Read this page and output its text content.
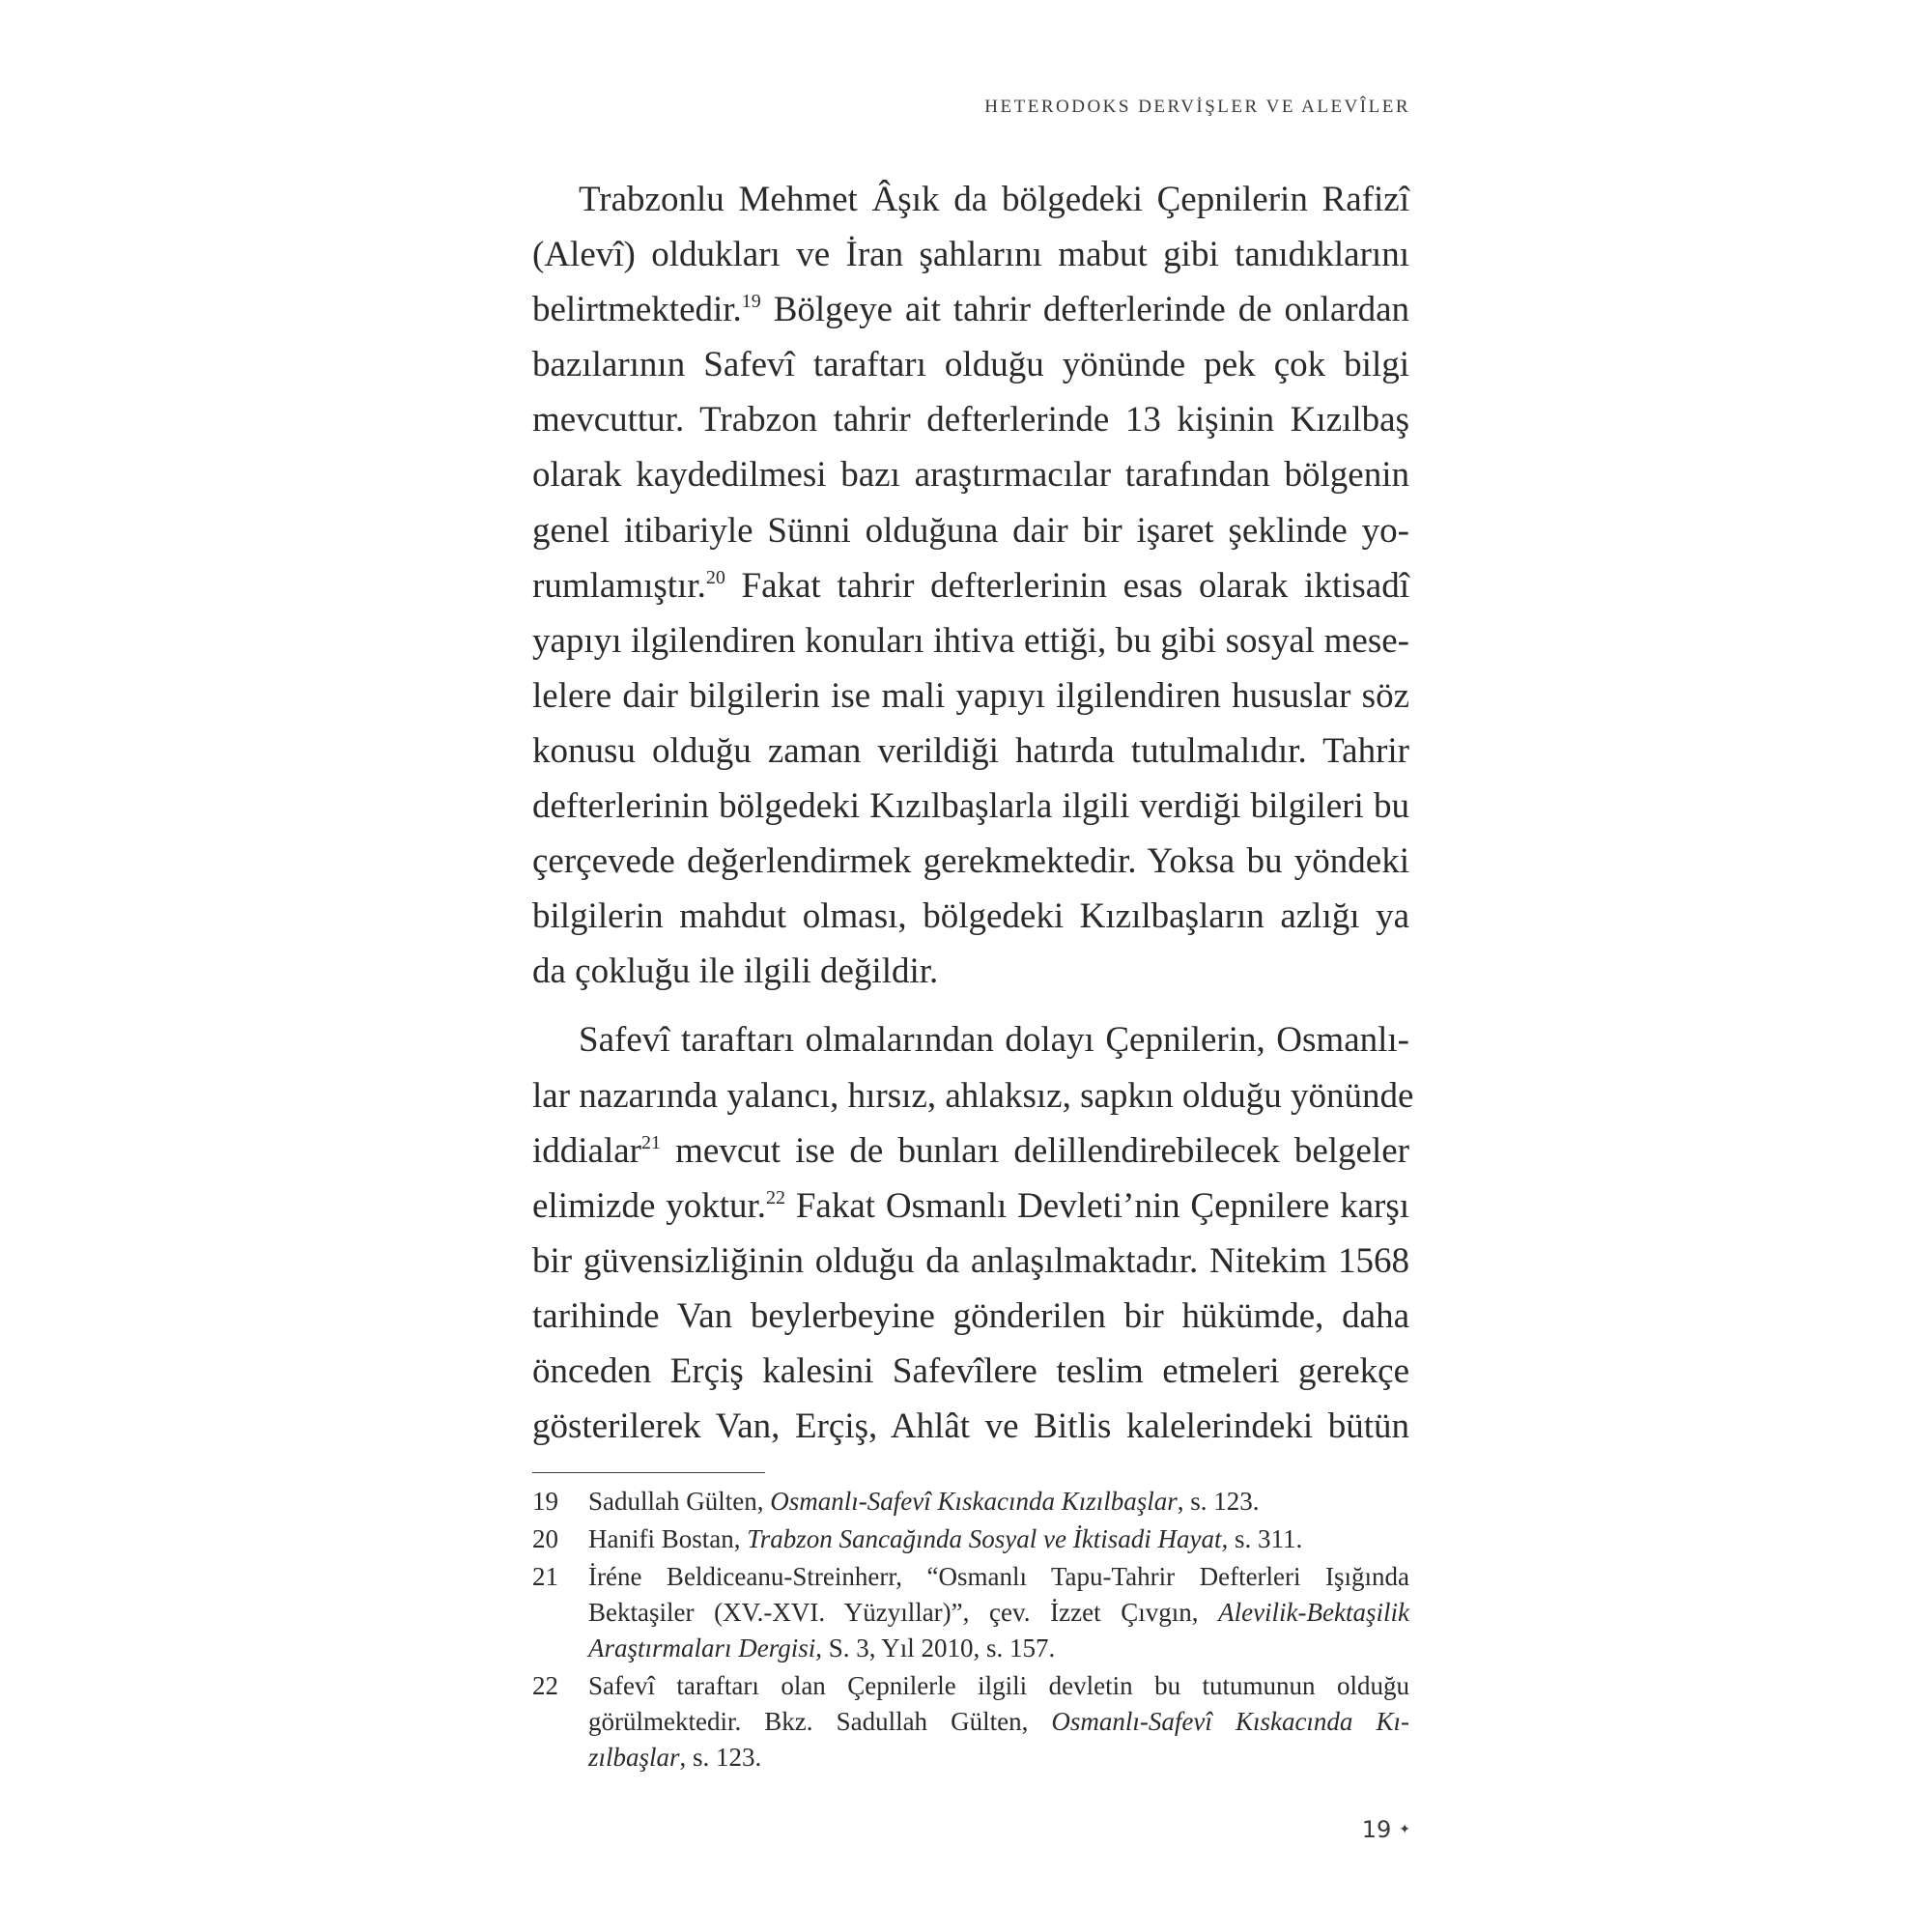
HETERODOKS DERVİŞLER VE ALEVÎLER

Trabzonlu Mehmet Âşık da bölgedeki Çepnilerin Rafizî
(Alevî) oldukları ve İran şahlarını mabut gibi tanıdıklarını
belirtmektedir.$^{19}$ Bölgeye ait tahrir defterlerinde de onlardan
bazılarının Safevî taraftarı olduğu yönünde pek çok bilgi
mevcuttur. Trabzon tahrir defterlerinde 13 kişinin Kızılbaş
olarak kaydedilmesi bazı araştırmacılar tarafından bölgenin
genel itibariyle Sünni olduğuna dair bir işaret şeklinde yo-
rumlamıştır.$^{20}$ Fakat tahrir defterlerinin esas olarak iktisadî
yapıyı ilgilendiren konuları ihtiva ettiği, bu gibi sosyal mese-
lelere dair bilgilerin ise mali yapıyı ilgilendiren hususlar söz
konusu olduğu zaman verildiği hatırda tutulmalıdır. Tahrir
defterlerinin bölgedeki Kızılbaşlarla ilgili verdiği bilgileri bu
çerçevede değerlendirmek gerekmektedir. Yoksa bu yöndeki
bilgilerin mahdut olması, bölgedeki Kızılbaşların azlığı ya
da çokluğu ile ilgili değildir.

Safevî taraftarı olmalarından dolayı Çepnilerin, Osmanlı-
lar nazarında yalancı, hırsız, ahlaksız, sapkın olduğu yönünde
iddialar$^{21}$ mevcut ise de bunları delillendirebilecek belgeler
elimizde yoktur.$^{22}$ Fakat Osmanlı Devleti’nin Çepnilere karşı
bir güvensizliğinin olduğu da anlaşılmaktadır. Nitekim 1568
tarihinde Van beylerbeyine gönderilen bir hükümde, daha
önceden Erçiş kalesini Safevîlere teslim etmeleri gerekçe
gösterilerek Van, Erçiş, Ahlât ve Bitlis kalelerindeki bütün

19	Sadullah Gülten, Osmanlı-Safevî Kıskacında Kızılbaşlar, s. 123.
20	Hanifi Bostan, Trabzon Sancağında Sosyal ve İktisadi Hayat, s. 311.
21	İréne Beldiceanu-Streinherr, “Osmanlı Tapu-Tahrir Defterleri Işığında
Bektaşiler (XV.-XVI. Yüzyıllar)”, çev. İzzet Çıvgın, Alevilik-Bektaşilik
Araştırmaları Dergisi, S. 3, Yıl 2010, s. 157.
22	Safevî taraftarı olan Çepnilerle ilgili devletin bu tutumunun olduğu
görülmektedir. Bkz. Sadullah Gülten, Osmanlı-Safevî Kıskacında Kı-
zılbaşlar, s. 123.
19 ✦
